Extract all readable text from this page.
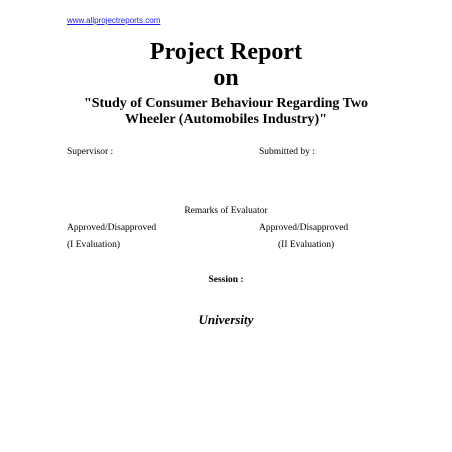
www.allprojectreports.com
Project Report
on
"Study of Consumer Behaviour Regarding Two
Wheeler (Automobiles Industry)"
Supervisor :	Submitted by :
Remarks of Evaluator
Approved/Disapproved	Approved/Disapproved
(I Evaluation)	(II Evaluation)
Session :
University
